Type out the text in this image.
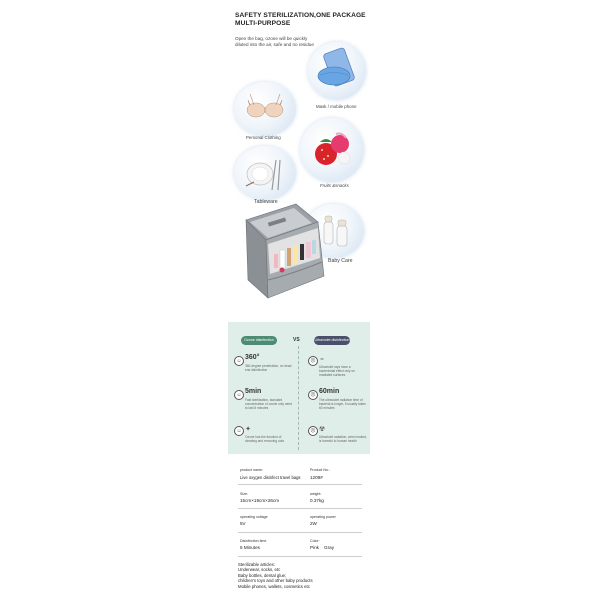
SAFETY STERILIZATION,ONE PACKAGE MULTI-PURPOSE
Open the bag, ozone will be quickly diluted into the air, safe and no residue
Mask / mobile phone
Personal Clothing
Fruits &snacks
Tableware
Baby Care
Ozone disinfection	VS	Ultraviolet disinfection
☺ 360°
360-degree penetration, no dead end disinfection
☺ 5min
Fast sterilization, standard concentration of ozone only need to last 5 minutes
☺ ✦
Ozone has the function of cleaning and removing odor
☹ ≈
Ultraviolet rays have a bactericidal effect only on irradiated surfaces
☹ 60min
The ultraviolet radiation time of bacteria is longer, it usually takes 60 minutes
☹ ☢
Ultraviolet radiation, when leaked, is harmful to human health
product name:
Live oxygen disinfect travel bags
Product No.:
1209#
Size:
15cm×19cm×26cm
weight:
0.37kg
operating voltage
5V
operating power
2W
Disinfection time
5 Minutes
Color:
Pink    Gray
Sterilizable articles:
Underwear, socks, etc
Baby bottles, dental glue;
children's toys and other baby products
Mobile phones, wallets, cosmetics etc
